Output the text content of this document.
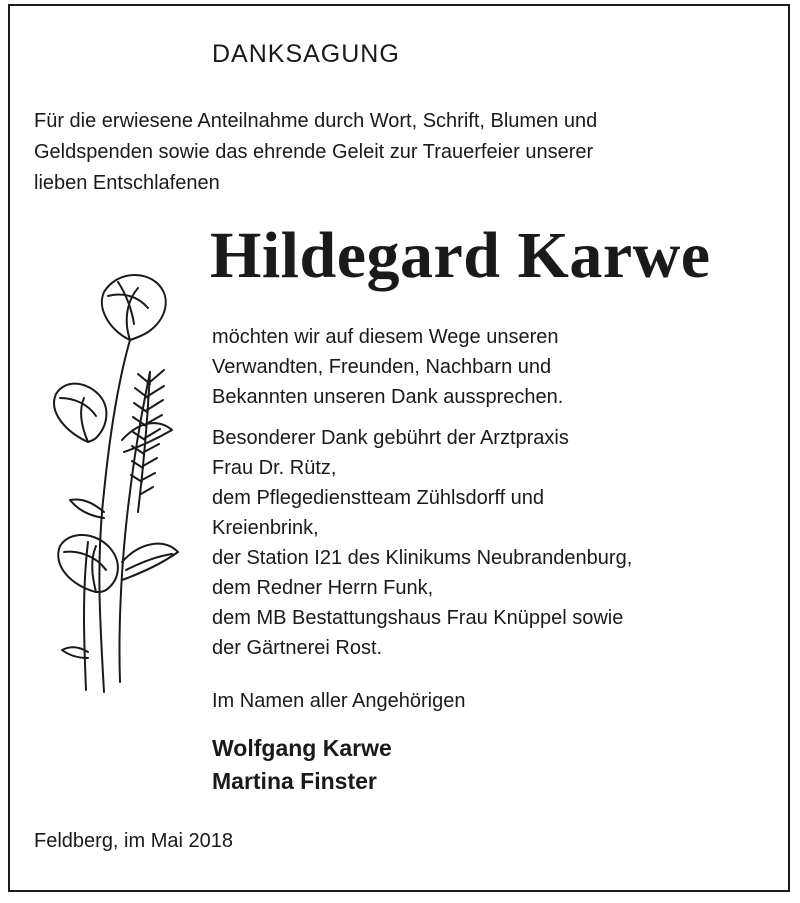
DANKSAGUNG
Für die erwiesene Anteilnahme durch Wort, Schrift, Blumen und
Geldspenden sowie das ehrende Geleit zur Trauerfeier unserer
lieben Entschlafenen
Hildegard Karwe
möchten wir auf diesem Wege unseren
Verwandten, Freunden, Nachbarn und
Bekannten unseren Dank aussprechen.
Besonderer Dank gebührt der Arztpraxis
Frau Dr. Rütz,
dem Pflegedienstteam Zühlsdorff und
Kreienbrink,
der Station I21 des Klinikums Neubrandenburg,
dem Redner Herrn Funk,
dem MB Bestattungshaus Frau Knüppel sowie
der Gärtnerei Rost.
Im Namen aller Angehörigen
Wolfgang Karwe
Martina Finster
Feldberg, im Mai 2018
